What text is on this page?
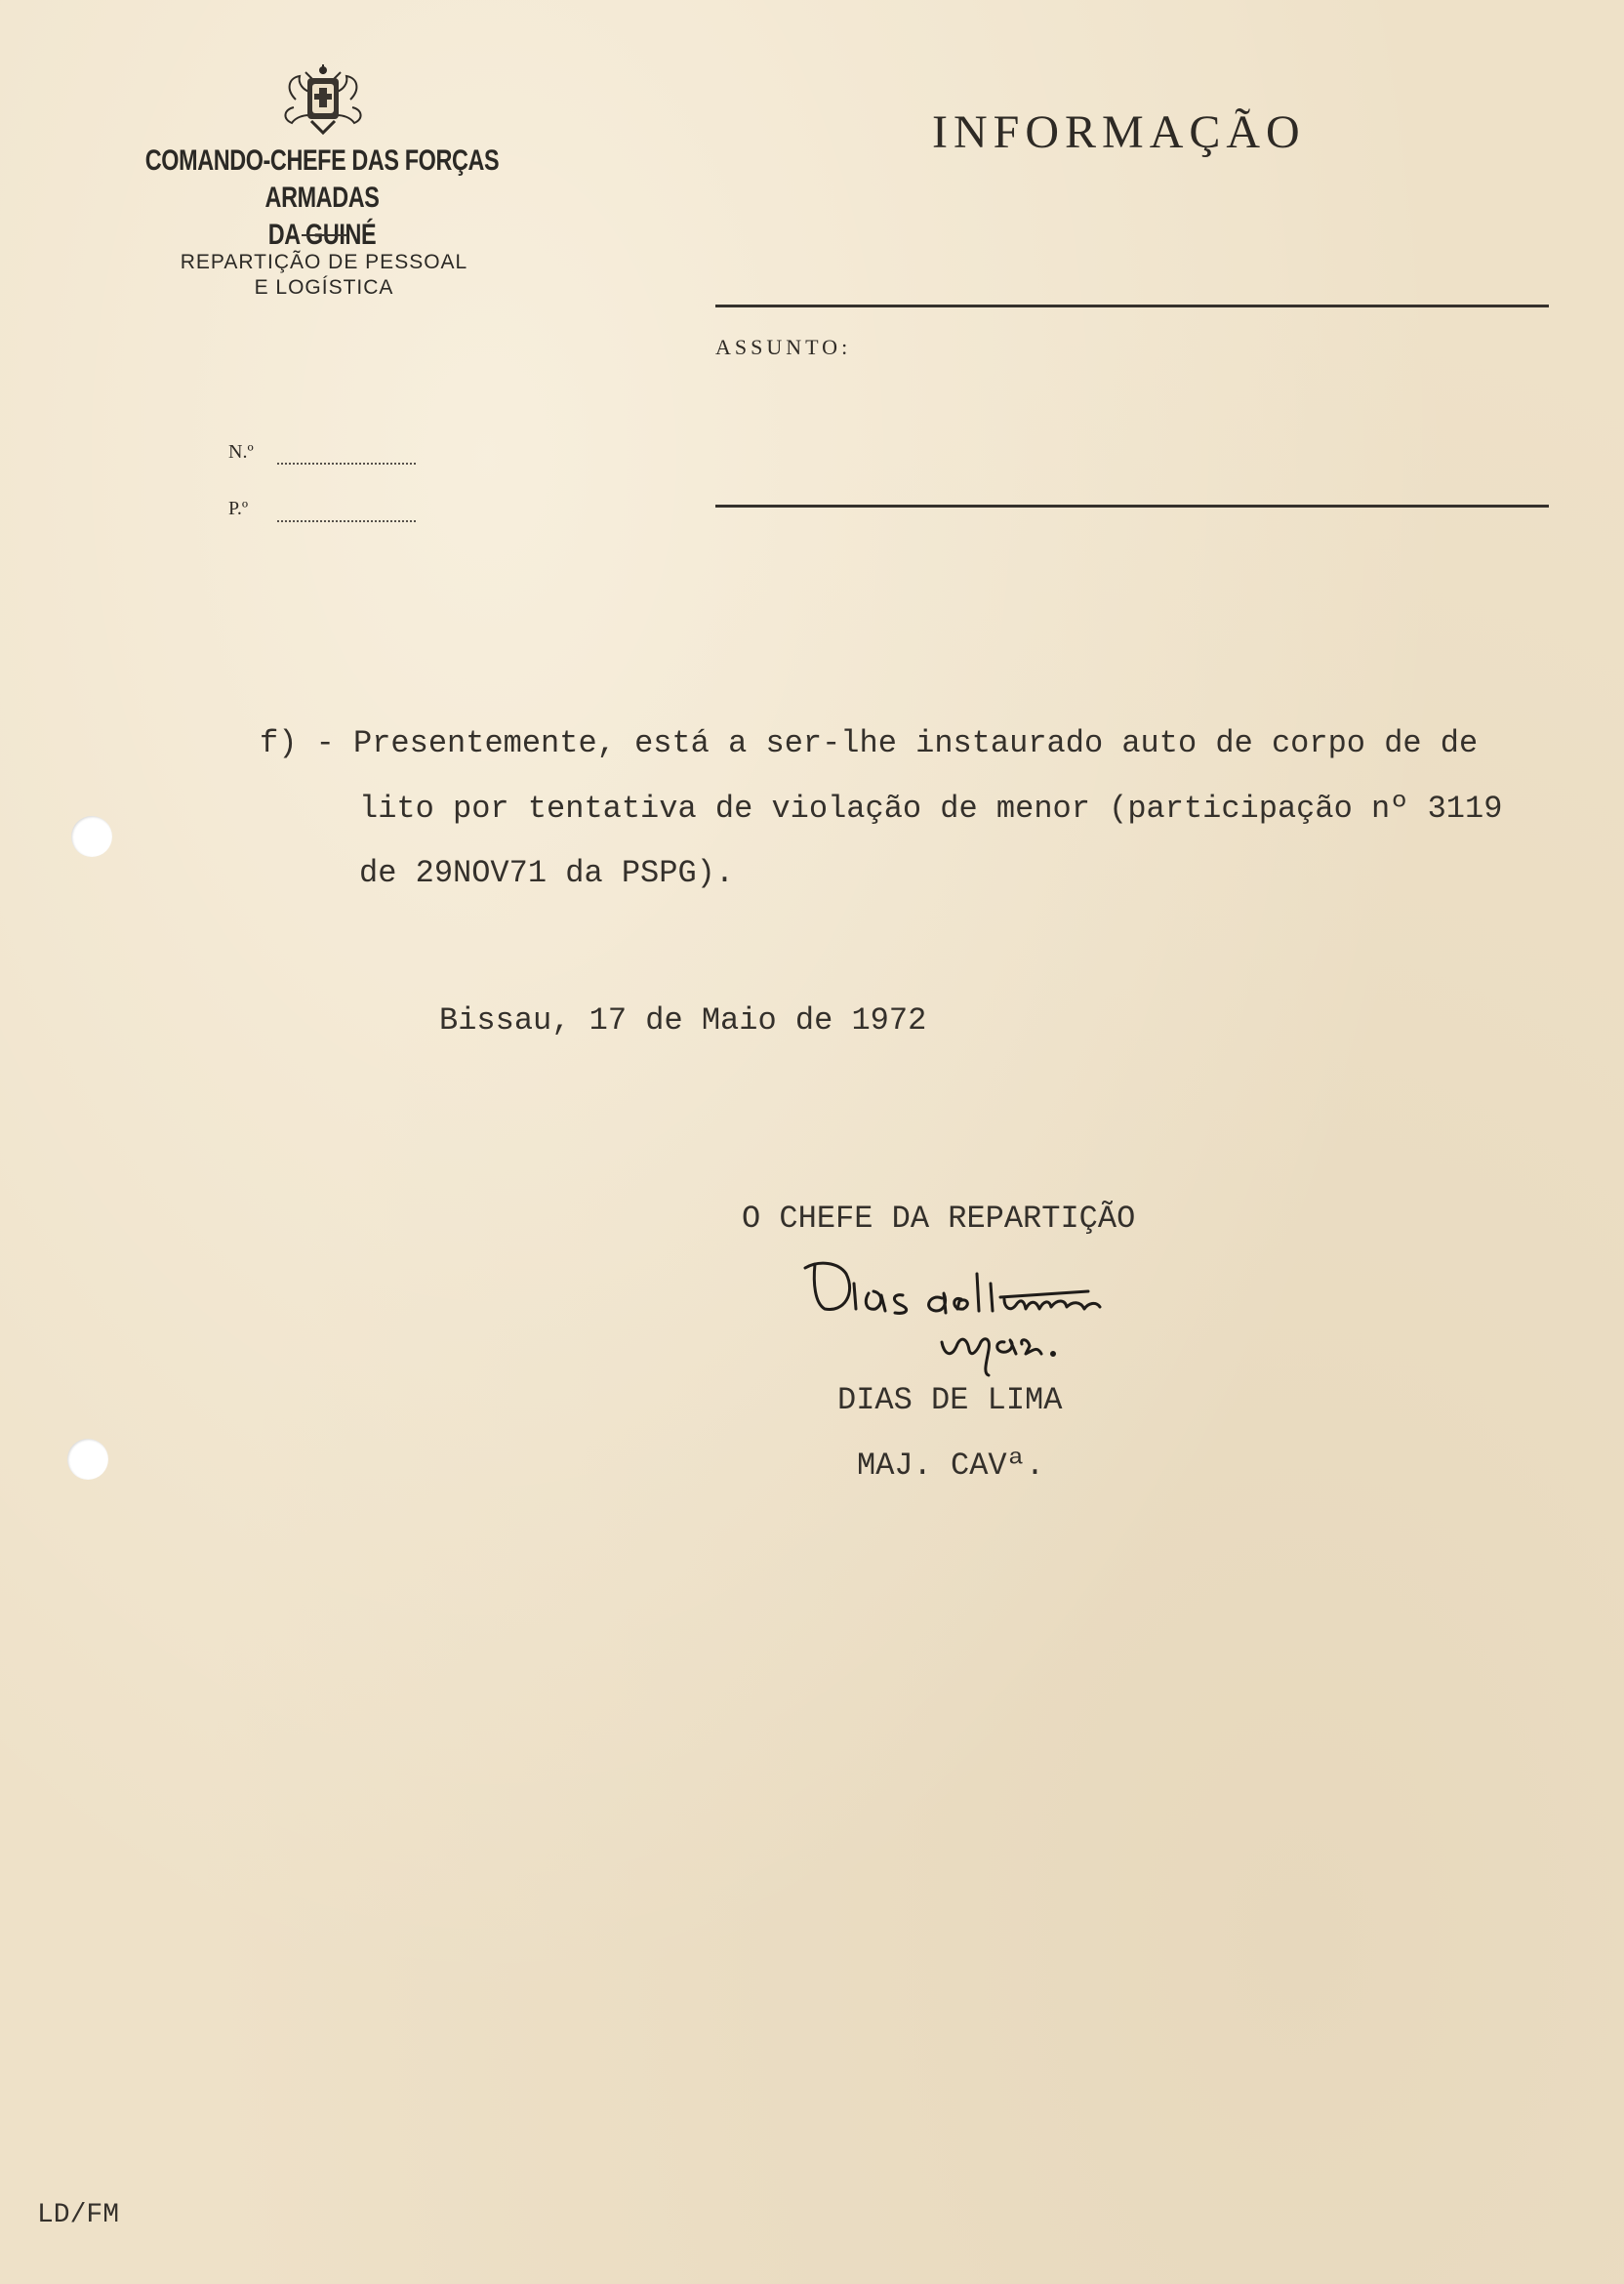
COMANDO-CHEFE DAS FORÇAS ARMADAS
DA GUINÉ
REPARTIÇÃO DE PESSOAL
E LOGÍSTICA
INFORMAÇÃO
ASSUNTO:
N.º
P.º
f) - Presentemente, está a ser-lhe instaurado auto de corpo de de
lito por tentativa de violação de menor (participação nº 3119
de 29NOV71 da PSPG).
Bissau, 17 de Maio de 1972
O CHEFE DA REPARTIÇÃO
DIAS DE LIMA
MAJ. CAVª.
LD/FM
